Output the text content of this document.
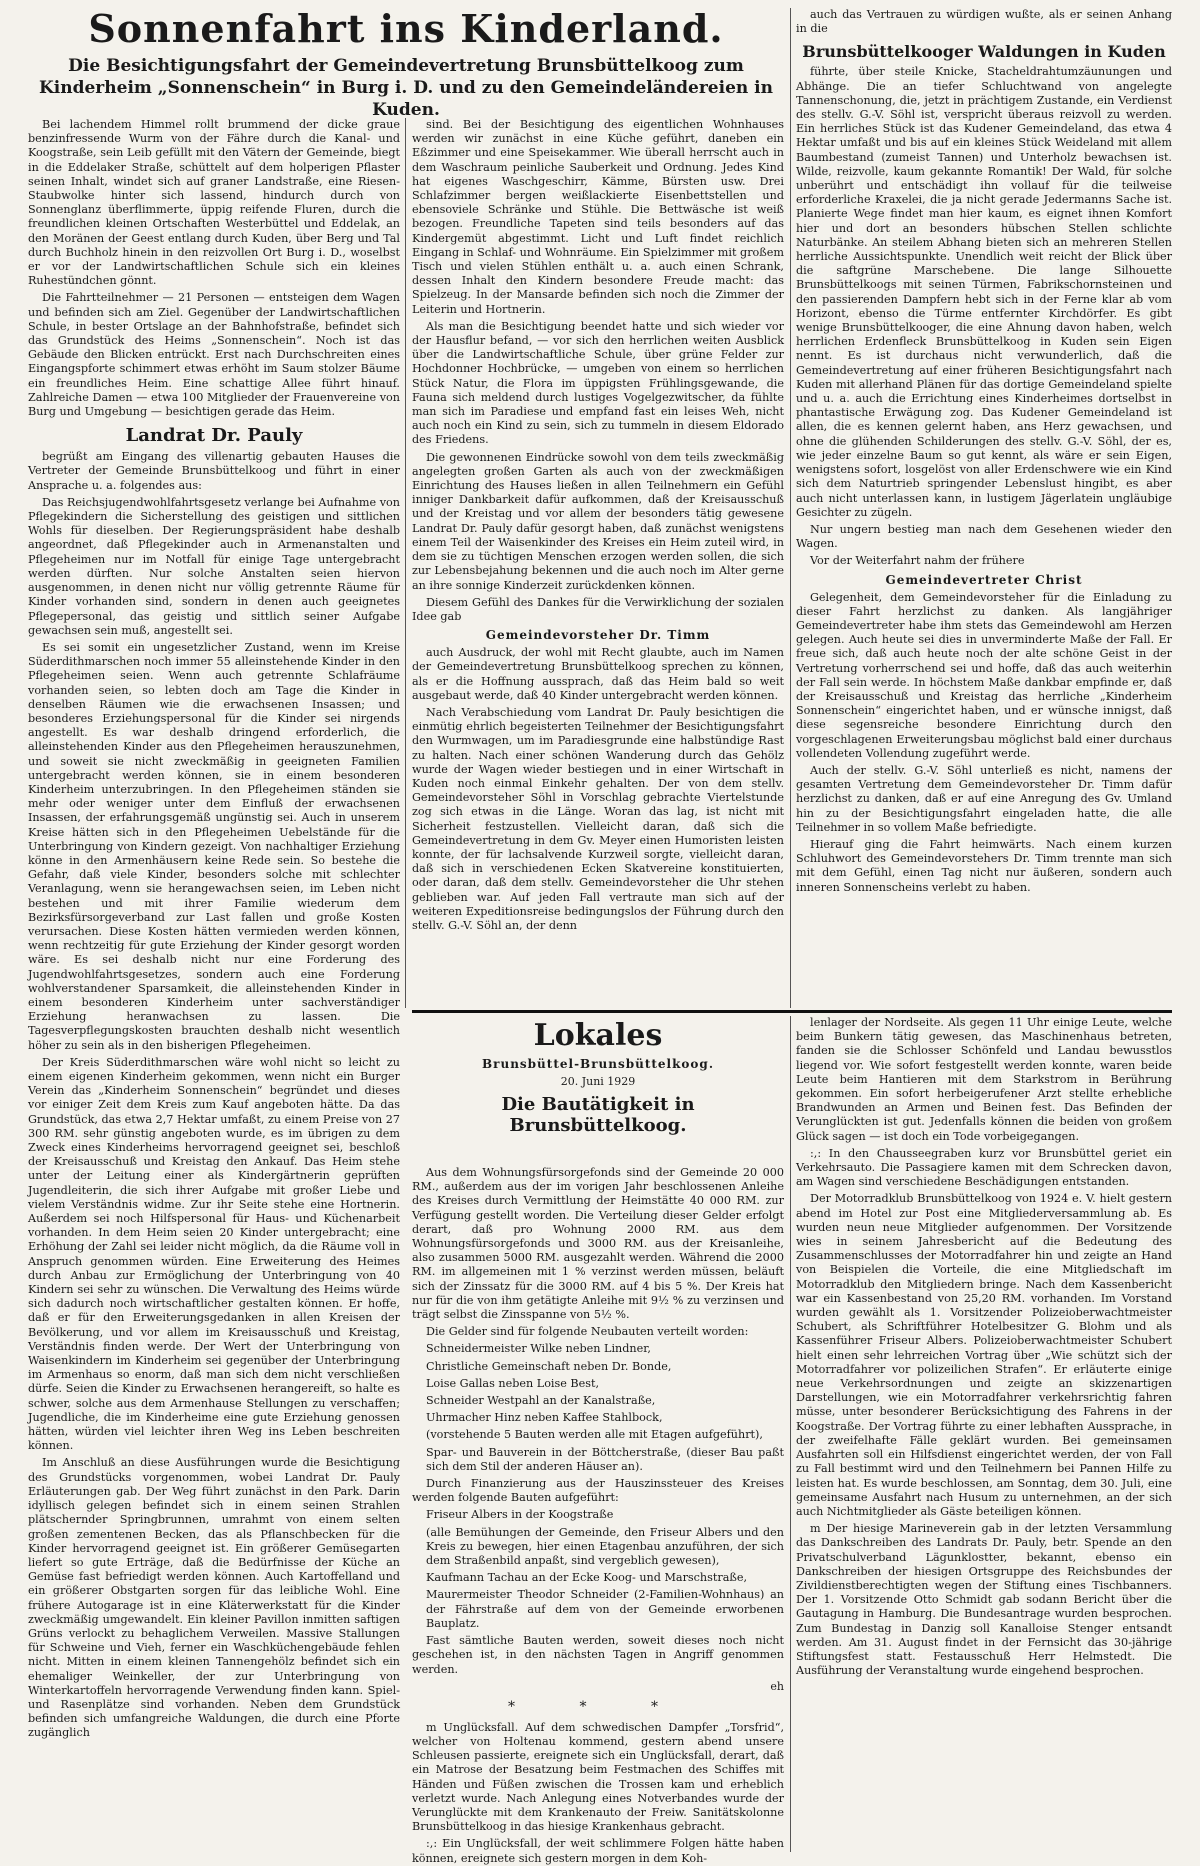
Sonnenfahrt ins Kinderland.
Die Besichtigungsfahrt der Gemeindevertretung Brunsbüttelkoog zum Kinderheim „Sonnenschein“ in Burg i. D. und zu den Gemeindeländereien in Kuden.

Bei lachendem Himmel rollt brummend der dicke graue benzinfressende Wurm von der Fähre durch die Kanal- und Koogstraße, sein Leib gefüllt mit den Vätern der Gemeinde, biegt in die Eddelaker Straße, schüttelt auf dem holperigen Pflaster seinen Inhalt, windet sich auf graner Landstraße, eine Riesen-Staubwolke hinter sich lassend, hindurch durch von Sonnenglanz überflimmerte, üppig reifende Fluren, durch die freundlichen kleinen Ortschaften Westerbüttel und Eddelak, an den Moränen der Geest entlang durch Kuden, über Berg und Tal durch Buchholz hinein in den reizvollen Ort Burg i. D., woselbst er vor der Landwirtschaftlichen Schule sich ein kleines Ruhestündchen gönnt.

Die Fahrtteilnehmer — 21 Personen — entsteigen dem Wagen und befinden sich am Ziel. Gegenüber der Landwirtschaftlichen Schule, in bester Ortslage an der Bahnhofstraße, befindet sich das Grundstück des Heims „Sonnenschein“. Noch ist das Gebäude den Blicken entrückt. Erst nach Durchschreiten eines Eingangspforte schimmert etwas erhöht im Saum stolzer Bäume ein freundliches Heim. Eine schattige Allee führt hinauf. Zahlreiche Damen — etwa 100 Mitglieder der Frauenvereine von Burg und Umgebung — besichtigen gerade das Heim.

Landrat Dr. Pauly

begrüßt am Eingang des villenartig gebauten Hauses die Vertreter der Gemeinde Brunsbüttelkoog und führt in einer Ansprache u. a. folgendes aus:

Das Reichsjugendwohlfahrtsgesetz verlange bei Aufnahme von Pflegekindern die Sicherstellung des geistigen und sittlichen Wohls für dieselben. Der Regierungspräsident habe deshalb angeordnet, daß Pflegekinder auch in Armenanstalten und Pflegeheimen nur im Notfall für einige Tage untergebracht werden dürften. Nur solche Anstalten seien hiervon ausgenommen, in denen nicht nur völlig getrennte Räume für Kinder vorhanden sind, sondern in denen auch geeignetes Pflegepersonal, das geistig und sittlich seiner Aufgabe gewachsen sein muß, angestellt sei.

Es sei somit ein ungesetzlicher Zustand, wenn im Kreise Süderdithmarschen noch immer 55 alleinstehende Kinder in den Pflegeheimen seien. Wenn auch getrennte Schlafräume vorhanden seien, so lebten doch am Tage die Kinder in denselben Räumen wie die erwachsenen Insassen; und besonderes Erziehungspersonal für die Kinder sei nirgends angestellt. Es war deshalb dringend erforderlich, die alleinstehenden Kinder aus den Pflegeheimen herauszunehmen, und soweit sie nicht zweckmäßig in geeigneten Familien untergebracht werden können, sie in einem besonderen Kinderheim unterzubringen. In den Pflegeheimen ständen sie mehr oder weniger unter dem Einfluß der erwachsenen Insassen, der erfahrungsgemäß ungünstig sei. Auch in unserem Kreise hätten sich in den Pflegeheimen Uebelstände für die Unterbringung von Kindern gezeigt. Von nachhaltiger Erziehung könne in den Armenhäusern keine Rede sein. So bestehe die Gefahr, daß viele Kinder, besonders solche mit schlechter Veranlagung, wenn sie herangewachsen seien, im Leben nicht bestehen und mit ihrer Familie wiederum dem Bezirksfürsorgeverband zur Last fallen und große Kosten verursachen. Diese Kosten hätten vermieden werden können, wenn rechtzeitig für gute Erziehung der Kinder gesorgt worden wäre. Es sei deshalb nicht nur eine Forderung des Jugendwohlfahrtsgesetzes, sondern auch eine Forderung wohlverstandener Sparsamkeit, die alleinstehenden Kinder in einem besonderen Kinderheim unter sachverständiger Erziehung heranwachsen zu lassen. Die Tagesverpflegungskosten brauchten deshalb nicht wesentlich höher zu sein als in den bisherigen Pflegeheimen.

Der Kreis Süderdithmarschen wäre wohl nicht so leicht zu einem eigenen Kinderheim gekommen, wenn nicht ein Burger Verein das „Kinderheim Sonnenschein“ begründet und dieses vor einiger Zeit dem Kreis zum Kauf angeboten hätte. Da das Grundstück, das etwa 2,7 Hektar umfaßt, zu einem Preise von 27 300 RM. sehr günstig angeboten wurde, es im übrigen zu dem Zweck eines Kinderheims hervorragend geeignet sei, beschloß der Kreisausschuß und Kreistag den Ankauf. Das Heim stehe unter der Leitung einer als Kindergärtnerin geprüften Jugendleiterin, die sich ihrer Aufgabe mit großer Liebe und vielem Verständnis widme. Zur ihr Seite stehe eine Hortnerin. Außerdem sei noch Hilfspersonal für Haus- und Küchenarbeit vorhanden. In dem Heim seien 20 Kinder untergebracht; eine Erhöhung der Zahl sei leider nicht möglich, da die Räume voll in Anspruch genommen würden. Eine Erweiterung des Heimes durch Anbau zur Ermöglichung der Unterbringung von 40 Kindern sei sehr zu wünschen. Die Verwaltung des Heims würde sich dadurch noch wirtschaftlicher gestalten können. Er hoffe, daß er für den Erweiterungsgedanken in allen Kreisen der Bevölkerung, und vor allem im Kreisausschuß und Kreistag, Verständnis finden werde. Der Wert der Unterbringung von Waisenkindern im Kinderheim sei gegenüber der Unterbringung im Armenhaus so enorm, daß man sich dem nicht verschließen dürfe. Seien die Kinder zu Erwachsenen herangereift, so halte es schwer, solche aus dem Armenhause Stellungen zu verschaffen; Jugendliche, die im Kinderheime eine gute Erziehung genossen hätten, würden viel leichter ihren Weg ins Leben beschreiten können.

Im Anschluß an diese Ausführungen wurde die Besichtigung des Grundstücks vorgenommen, wobei Landrat Dr. Pauly Erläuterungen gab. Der Weg führt zunächst in den Park. Darin idyllisch gelegen befindet sich in einem seinen Strahlen plätschernder Springbrunnen, umrahmt von einem selten großen zementenen Becken, das als Pflanschbecken für die Kinder hervorragend geeignet ist. Ein größerer Gemüsegarten liefert so gute Erträge, daß die Bedürfnisse der Küche an Gemüse fast befriedigt werden können. Auch Kartoffelland und ein größerer Obstgarten sorgen für das leibliche Wohl. Eine frühere Autogarage ist in eine Kläterwerkstatt für die Kinder zweckmäßig umgewandelt. Ein kleiner Pavillon inmitten saftigen Grüns verlockt zu behaglichem Verweilen. Massive Stallungen für Schweine und Vieh, ferner ein Waschküchengebäude fehlen nicht. Mitten in einem kleinen Tannengehölz befindet sich ein ehemaliger Weinkeller, der zur Unterbringung von Winterkartoffeln hervorragende Verwendung finden kann. Spiel- und Rasenplätze sind vorhanden. Neben dem Grundstück befinden sich umfangreiche Waldungen, die durch eine Pforte zugänglich

sind. Bei der Besichtigung des eigentlichen Wohnhauses werden wir zunächst in eine Küche geführt, daneben ein Eßzimmer und eine Speisekammer. Wie überall herrscht auch in dem Waschraum peinliche Sauberkeit und Ordnung. Jedes Kind hat eigenes Waschgeschirr, Kämme, Bürsten usw. Drei Schlafzimmer bergen weißlackierte Eisenbettstellen und ebensoviele Schränke und Stühle. Die Bettwäsche ist weiß bezogen. Freundliche Tapeten sind teils besonders auf das Kindergemüt abgestimmt. Licht und Luft findet reichlich Eingang in Schlaf- und Wohnräume. Ein Spielzimmer mit großem Tisch und vielen Stühlen enthält u. a. auch einen Schrank, dessen Inhalt den Kindern besondere Freude macht: das Spielzeug. In der Mansarde befinden sich noch die Zimmer der Leiterin und Hortnerin.

Als man die Besichtigung beendet hatte und sich wieder vor der Hausflur befand, — vor sich den herrlichen weiten Ausblick über die Landwirtschaftliche Schule, über grüne Felder zur Hochdonner Hochbrücke, — umgeben von einem so herrlichen Stück Natur, die Flora im üppigsten Frühlingsgewande, die Fauna sich meldend durch lustiges Vogelgezwitscher, da fühlte man sich im Paradiese und empfand fast ein leises Weh, nicht auch noch ein Kind zu sein, sich zu tummeln in diesem Eldorado des Friedens.

Die gewonnenen Eindrücke sowohl von dem teils zweckmäßig angelegten großen Garten als auch von der zweckmäßigen Einrichtung des Hauses ließen in allen Teilnehmern ein Gefühl inniger Dankbarkeit dafür aufkommen, daß der Kreisausschuß und der Kreistag und vor allem der besonders tätig gewesene Landrat Dr. Pauly dafür gesorgt haben, daß zunächst wenigstens einem Teil der Waisenkinder des Kreises ein Heim zuteil wird, in dem sie zu tüchtigen Menschen erzogen werden sollen, die sich zur Lebensbejahung bekennen und die auch noch im Alter gerne an ihre sonnige Kinderzeit zurückdenken können.

Diesem Gefühl des Dankes für die Verwirklichung der sozialen Idee gab

Gemeindevorsteher Dr. Timm

auch Ausdruck, der wohl mit Recht glaubte, auch im Namen der Gemeindevertretung Brunsbüttelkoog sprechen zu können, als er die Hoffnung aussprach, daß das Heim bald so weit ausgebaut werde, daß 40 Kinder untergebracht werden können.

Nach Verabschiedung vom Landrat Dr. Pauly besichtigen die einmütig ehrlich begeisterten Teilnehmer der Besichtigungsfahrt den Wurmwagen, um im Paradiesgrunde eine halbstündige Rast zu halten. Nach einer schönen Wanderung durch das Gehölz wurde der Wagen wieder bestiegen und in einer Wirtschaft in Kuden noch einmal Einkehr gehalten. Der von dem stellv. Gemeindevorsteher Söhl in Vorschlag gebrachte Viertelstunde zog sich etwas in die Länge. Woran das lag, ist nicht mit Sicherheit festzustellen. Vielleicht daran, daß sich die Gemeindevertretung in dem Gv. Meyer einen Humoristen leisten konnte, der für lachsalvende Kurzweil sorgte, vielleicht daran, daß sich in verschiedenen Ecken Skatvereine konstituierten, oder daran, daß dem stellv. Gemeindevorsteher die Uhr stehen geblieben war. Auf jeden Fall vertraute man sich auf der weiteren Expeditionsreise bedingungslos der Führung durch den stellv. G.-V. Söhl an, der denn

auch das Vertrauen zu würdigen wußte, als er seinen Anhang in die

Brunsbüttelkooger Waldungen in Kuden

führte, über steile Knicke, Stacheldrahtumzäunungen und Abhänge. Die an tiefer Schluchtwand von angelegte Tannenschonung, die, jetzt in prächtigem Zustande, ein Verdienst des stellv. G.-V. Söhl ist, verspricht überaus reizvoll zu werden. Ein herrliches Stück ist das Kudener Gemeindeland, das etwa 4 Hektar umfaßt und bis auf ein kleines Stück Weideland mit allem Baumbestand (zumeist Tannen) und Unterholz bewachsen ist. Wilde, reizvolle, kaum gekannte Romantik! Der Wald, für solche unberührt und entschädigt ihn vollauf für die teilweise erforderliche Kraxelei, die ja nicht gerade Jedermanns Sache ist. Planierte Wege findet man hier kaum, es eignet ihnen Komfort hier und dort an besonders hübschen Stellen schlichte Naturbänke. An steilem Abhang bieten sich an mehreren Stellen herrliche Aussichtspunkte. Unendlich weit reicht der Blick über die saftgrüne Marschebene. Die lange Silhouette Brunsbüttelkoogs mit seinen Türmen, Fabrikschornsteinen und den passierenden Dampfern hebt sich in der Ferne klar ab vom Horizont, ebenso die Türme entfernter Kirchdörfer. Es gibt wenige Brunsbüttelkooger, die eine Ahnung davon haben, welch herrlichen Erdenfleck Brunsbüttelkoog in Kuden sein Eigen nennt. Es ist durchaus nicht verwunderlich, daß die Gemeindevertretung auf einer früheren Besichtigungsfahrt nach Kuden mit allerhand Plänen für das dortige Gemeindeland spielte und u. a. auch die Errichtung eines Kinderheimes dortselbst in phantastische Erwägung zog. Das Kudener Gemeindeland ist allen, die es kennen gelernt haben, ans Herz gewachsen, und ohne die glühenden Schilderungen des stellv. G.-V. Söhl, der es, wie jeder einzelne Baum so gut kennt, als wäre er sein Eigen, wenigstens sofort, losgelöst von aller Erdenschwere wie ein Kind sich dem Naturtrieb springender Lebenslust hingibt, es aber auch nicht unterlassen kann, in lustigem Jägerlatein ungläubige Gesichter zu zügeln.

Nur ungern bestieg man nach dem Gesehenen wieder den Wagen.

Vor der Weiterfahrt nahm der frühere

Gemeindevertreter Christ

Gelegenheit, dem Gemeindevorsteher für die Einladung zu dieser Fahrt herzlichst zu danken. Als langjähriger Gemeindevertreter habe ihm stets das Gemeindewohl am Herzen gelegen. Auch heute sei dies in unverminderte Maße der Fall. Er freue sich, daß auch heute noch der alte schöne Geist in der Vertretung vorherrschend sei und hoffe, daß das auch weiterhin der Fall sein werde. In höchstem Maße dankbar empfinde er, daß der Kreisausschuß und Kreistag das herrliche „Kinderheim Sonnenschein“ eingerichtet haben, und er wünsche innigst, daß diese segensreiche besondere Einrichtung durch den vorgeschlagenen Erweiterungsbau möglichst bald einer durchaus vollendeten Vollendung zugeführt werde.

Auch der stellv. G.-V. Söhl unterließ es nicht, namens der gesamten Vertretung dem Gemeindevorsteher Dr. Timm dafür herzlichst zu danken, daß er auf eine Anregung des Gv. Umland hin zu der Besichtigungsfahrt eingeladen hatte, die alle Teilnehmer in so vollem Maße befriedigte.

Hierauf ging die Fahrt heimwärts. Nach einem kurzen Schluhwort des Gemeindevorstehers Dr. Timm trennte man sich mit dem Gefühl, einen Tag nicht nur äußeren, sondern auch inneren Sonnenscheins verlebt zu haben.

Lokales
Brunsbüttel-Brunsbüttelkoog.
20. Juni 1929
Die Bautätigkeit in Brunsbüttelkoog.

Aus dem Wohnungsfürsorgefonds sind der Gemeinde 20 000 RM., außerdem aus der im vorigen Jahr beschlossenen Anleihe des Kreises durch Vermittlung der Heimstätte 40 000 RM. zur Verfügung gestellt worden. Die Verteilung dieser Gelder erfolgt derart, daß pro Wohnung 2000 RM. aus dem Wohnungsfürsorgefonds und 3000 RM. aus der Kreisanleihe, also zusammen 5000 RM. ausgezahlt werden. Während die 2000 RM. im allgemeinen mit 1 % verzinst werden müssen, beläuft sich der Zinssatz für die 3000 RM. auf 4 bis 5 %. Der Kreis hat nur für die von ihm getätigte Anleihe mit 9½ % zu verzinsen und trägt selbst die Zinsspanne von 5½ %.

Die Gelder sind für folgende Neubauten verteilt worden:

Schneidermeister Wilke neben Lindner,

Christliche Gemeinschaft neben Dr. Bonde,

Loise Gallas neben Loise Best,

Schneider Westpahl an der Kanalstraße,

Uhrmacher Hinz neben Kaffee Stahlbock,

(vorstehende 5 Bauten werden alle mit Etagen aufgeführt),

Spar- und Bauverein in der Böttcherstraße, (dieser Bau paßt sich dem Stil der anderen Häuser an).

Durch Finanzierung aus der Hauszinssteuer des Kreises werden folgende Bauten aufgeführt:

Friseur Albers in der Koogstraße

(alle Bemühungen der Gemeinde, den Friseur Albers und den Kreis zu bewegen, hier einen Etagenbau anzuführen, der sich dem Straßenbild anpaßt, sind vergeblich gewesen),

Kaufmann Tachau an der Ecke Koog- und Marschstraße,

Maurermeister Theodor Schneider (2-Familien-Wohnhaus) an der Fährstraße auf dem von der Gemeinde erworbenen Bauplatz.

Fast sämtliche Bauten werden, soweit dieses noch nicht geschehen ist, in den nächsten Tagen in Angriff genommen werden.

eh
* * *

m Unglücksfall. Auf dem schwedischen Dampfer „Torsfrid“, welcher von Holtenau kommend, gestern abend unsere Schleusen passierte, ereignete sich ein Unglücksfall, derart, daß ein Matrose der Besatzung beim Festmachen des Schiffes mit Händen und Füßen zwischen die Trossen kam und erheblich verletzt wurde. Nach Anlegung eines Notverbandes wurde der Verunglückte mit dem Krankenauto der Freiw. Sanitätskolonne Brunsbüttelkoog in das hiesige Krankenhaus gebracht.

:,: Ein Unglücksfall, der weit schlimmere Folgen hätte haben können, ereignete sich gestern morgen in dem Koh-

lenlager der Nordseite. Als gegen 11 Uhr einige Leute, welche beim Bunkern tätig gewesen, das Maschinenhaus betreten, fanden sie die Schlosser Schönfeld und Landau bewusstlos liegend vor. Wie sofort festgestellt werden konnte, waren beide Leute beim Hantieren mit dem Starkstrom in Berührung gekommen. Ein sofort herbeigerufener Arzt stellte erhebliche Brandwunden an Armen und Beinen fest. Das Befinden der Verunglückten ist gut. Jedenfalls können die beiden von großem Glück sagen — ist doch ein Tode vorbeigegangen.

:,: In den Chausseegraben kurz vor Brunsbüttel geriet ein Verkehrsauto. Die Passagiere kamen mit dem Schrecken davon, am Wagen sind verschiedene Beschädigungen entstanden.

Der Motorradklub Brunsbüttelkoog von 1924 e. V. hielt gestern abend im Hotel zur Post eine Mitgliederversammlung ab. Es wurden neun neue Mitglieder aufgenommen. Der Vorsitzende wies in seinem Jahresbericht auf die Bedeutung des Zusammenschlusses der Motorradfahrer hin und zeigte an Hand von Beispielen die Vorteile, die eine Mitgliedschaft im Motorradklub den Mitgliedern bringe. Nach dem Kassenbericht war ein Kassenbestand von 25,20 RM. vorhanden. Im Vorstand wurden gewählt als 1. Vorsitzender Polizeioberwachtmeister Schubert, als Schriftführer Hotelbesitzer G. Blohm und als Kassenführer Friseur Albers. Polizeioberwachtmeister Schubert hielt einen sehr lehrreichen Vortrag über „Wie schützt sich der Motorradfahrer vor polizeilichen Strafen“. Er erläuterte einige neue Verkehrsordnungen und zeigte an skizzenartigen Darstellungen, wie ein Motorradfahrer verkehrsrichtig fahren müsse, unter besonderer Berücksichtigung des Fahrens in der Koogstraße. Der Vortrag führte zu einer lebhaften Aussprache, in der zweifelhafte Fälle geklärt wurden. Bei gemeinsamen Ausfahrten soll ein Hilfsdienst eingerichtet werden, der von Fall zu Fall bestimmt wird und den Teilnehmern bei Pannen Hilfe zu leisten hat. Es wurde beschlossen, am Sonntag, dem 30. Juli, eine gemeinsame Ausfahrt nach Husum zu unternehmen, an der sich auch Nichtmitglieder als Gäste beteiligen können.

m Der hiesige Marineverein gab in der letzten Versammlung das Dankschreiben des Landrats Dr. Pauly, betr. Spende an den Privatschulverband Lägunklostter, bekannt, ebenso ein Dankschreiben der hiesigen Ortsgruppe des Reichsbundes der Zivildienstberechtigten wegen der Stiftung eines Tischbanners. Der 1. Vorsitzende Otto Schmidt gab sodann Bericht über die Gautagung in Hamburg. Die Bundesantrage wurden besprochen. Zum Bundestag in Danzig soll Kanalloise Stenger entsandt werden. Am 31. August findet in der Fernsicht das 30-jährige Stiftungsfest statt. Festausschuß Herr Helmstedt. Die Ausführung der Veranstaltung wurde eingehend besprochen.
